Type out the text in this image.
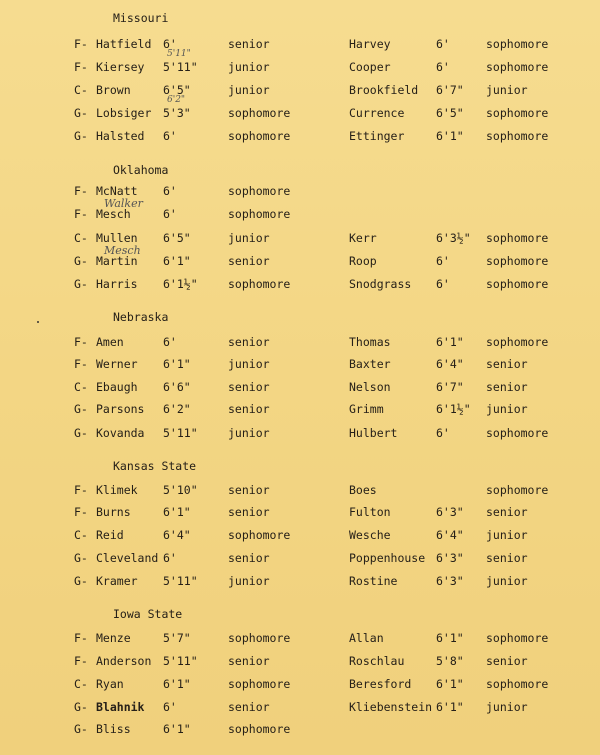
Missouri
F- Hatfield 6'	senior	Harvey	6'	sophomore
F- Kiersey 5'11"	junior	Cooper	6'	sophomore
C- Brown	6'5"	junior	Brookfield 6'7" junior
G- Lobsiger 5'3"	sophomore	Currence	6'5" sophomore
G- Halsted 6'	sophomore	Ettinger	6'1" sophomore
Oklahoma
F- McNatt 6'	sophomore
F- Mesch	6'	sophomore
C- Mullen 6'5"	junior	Kerr	6'3½" sophomore
G- Martin 6'1"	senior	Roop	6'	sophomore
G- Harris 6'1½"	sophomore	Snodgrass 6'	sophomore
Nebraska
F- Amen	6'	senior	Thomas	6'1" sophomore
F- Werner 6'1"	junior	Baxter	6'4" senior
C- Ebaugh 6'6"	senior	Nelson	6'7" senior
G- Parsons 6'2"	senior	Grimm	6'1½" junior
G- Kovanda 5'11"	junior	Hulbert	6'	sophomore
Kansas State
F- Klimek 5'10"	senior	Boes	sophomore
F- Burns	6'1"	senior	Fulton	6'3" senior
C- Reid	6'4"	sophomore	Wesche	6'4" junior
G- Cleveland 6'	senior	Poppenhouse 6'3" senior
G- Kramer 5'11"	junior	Rostine	6'3" junior
Iowa State
F- Menze	5'7"	sophomore	Allan	6'1" sophomore
F- Anderson 5'11"	senior	Roschlau	5'8" senior
C- Ryan	6'1"	sophomore	Beresford 6'1" sophomore
G- Blahnik 6'	senior	Kliebenstein 6'1" junior
G- Bliss	6'1"	sophomore
5'11"
6'2"
Walker
Mesch
